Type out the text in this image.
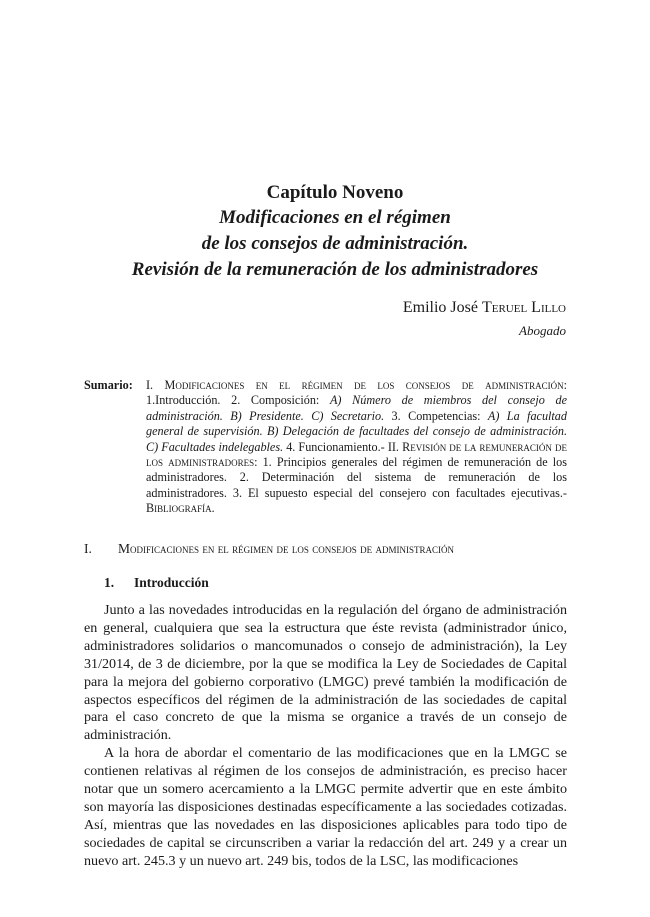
Capítulo Noveno
Modificaciones en el régimen
de los consejos de administración.
Revisión de la remuneración de los administradores
Emilio José Teruel Lillo
Abogado
Sumario: I. Modificaciones en el régimen de los consejos de administración: 1.Introducción. 2. Composición: A) Número de miembros del consejo de administración. B) Presidente. C) Secretario. 3. Competencias: A) La facultad general de supervisión. B) Delegación de facultades del consejo de administración. C) Facultades indelegables. 4. Funcionamiento.- II. Revisión de la remuneración de los administradores: 1. Principios generales del régimen de remuneración de los administradores. 2. Determinación del sistema de remuneración de los administradores. 3. El supuesto especial del consejero con facultades ejecutivas.- Bibliografía.
I. Modificaciones en el régimen de los consejos de administración
1. Introducción

Junto a las novedades introducidas en la regulación del órgano de administración en general, cualquiera que sea la estructura que éste revista (administrador único, administradores solidarios o mancomunados o consejo de administración), la Ley 31/2014, de 3 de diciembre, por la que se modifica la Ley de Sociedades de Capital para la mejora del gobierno corporativo (LMGC) prevé también la modificación de aspectos específicos del régimen de la administración de las sociedades de capital para el caso concreto de que la misma se organice a través de un consejo de administración.

A la hora de abordar el comentario de las modificaciones que en la LMGC se contienen relativas al régimen de los consejos de administración, es preciso hacer notar que un somero acercamiento a la LMGC permite advertir que en este ámbito son mayoría las disposiciones destinadas específicamente a las sociedades cotizadas. Así, mientras que las novedades en las disposiciones aplicables para todo tipo de sociedades de capital se circunscriben a variar la redacción del art. 249 y a crear un nuevo art. 245.3 y un nuevo art. 249 bis, todos de la LSC, las modificaciones
